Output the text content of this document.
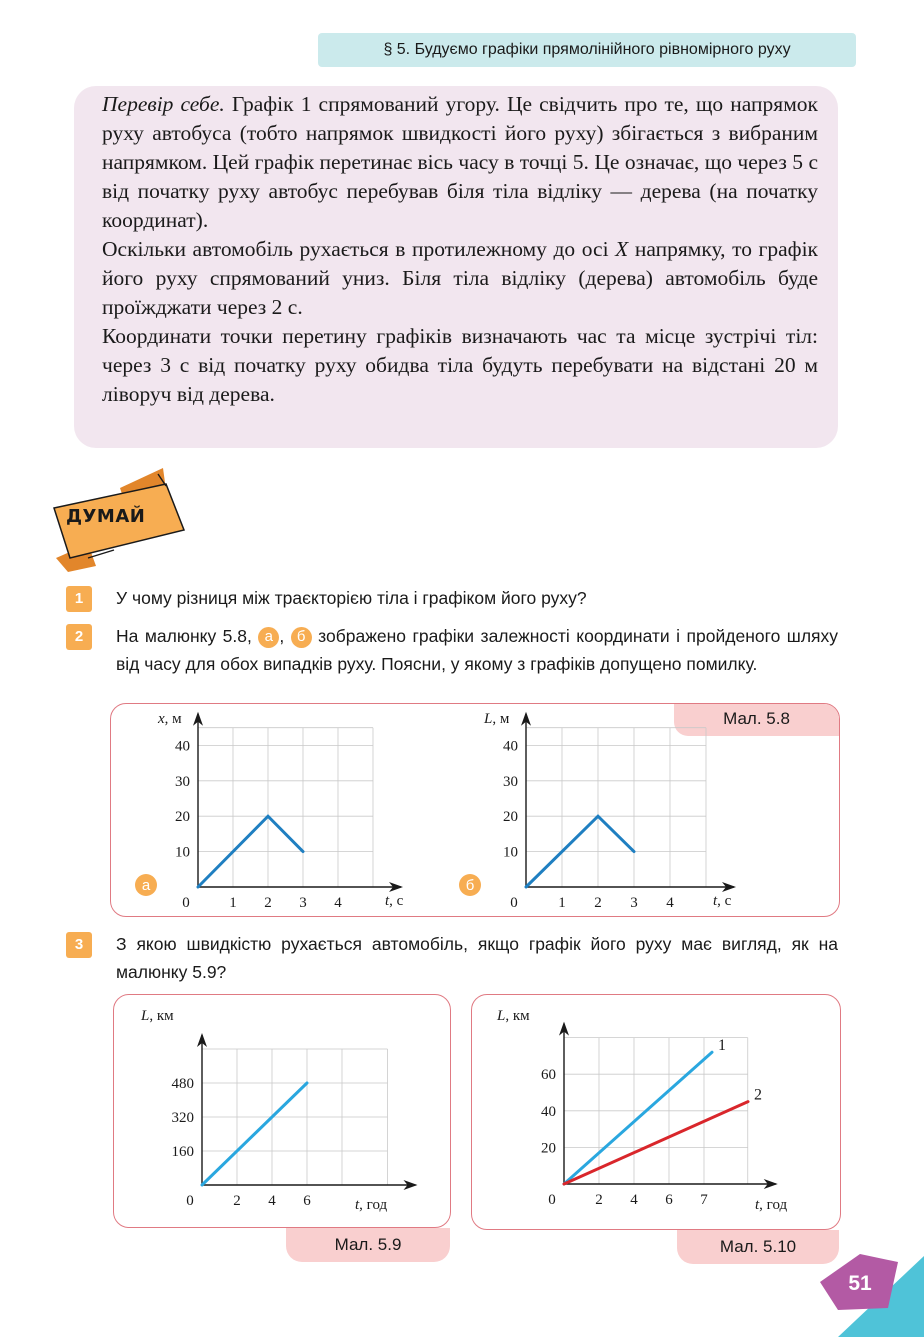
§ 5. Будуємо графіки прямолінійного рівномірного руху

Перевір себе. Графік 1 спрямований угору. Це свідчить про те, що напрямок руху автобуса (тобто напрямок швидкості його руху) збігається з вибраним напрямком. Цей графік перетинає вісь часу в точці 5. Це означає, що через 5 с від початку руху автобус перебував біля тіла відліку — дерева (на початку координат).

Оскільки автомобіль рухається в протилежному до осі X напрямку, то графік його руху спрямований униз. Біля тіла відліку (дерева) автомобіль буде проїжджати через 2 с.

Координати точки перетину графіків визначають час та місце зустрічі тіл: через 3 с від початку руху обидва тіла будуть перебувати на відстані 20 м ліворуч від дерева.

ДУМАЙ
1	У чому різниця між траєкторією тіла і графіком його руху?
2	На малюнку 5.8, а , б зображено графіки залежності координати і пройденого шляху від часу для обох випадків руху. Поясни, у якому з графіків допущено помилку.
Мал. 5.8
0	1 2 3 4
10
20
30
40
x, м
t, с
а
0	1 2 3 4
10
20
30
40
L, м
t, с
б
3	З якою швидкістю рухається автомобіль, якщо графік його руху має вигляд, як на малюнку 5.9?
Мал. 5.9
0	2 4 6
160
320
480
L, км
t, год
Мал. 5.10
0	2 4 6 7
20
40
60
L, км
t, год
1
2
51
